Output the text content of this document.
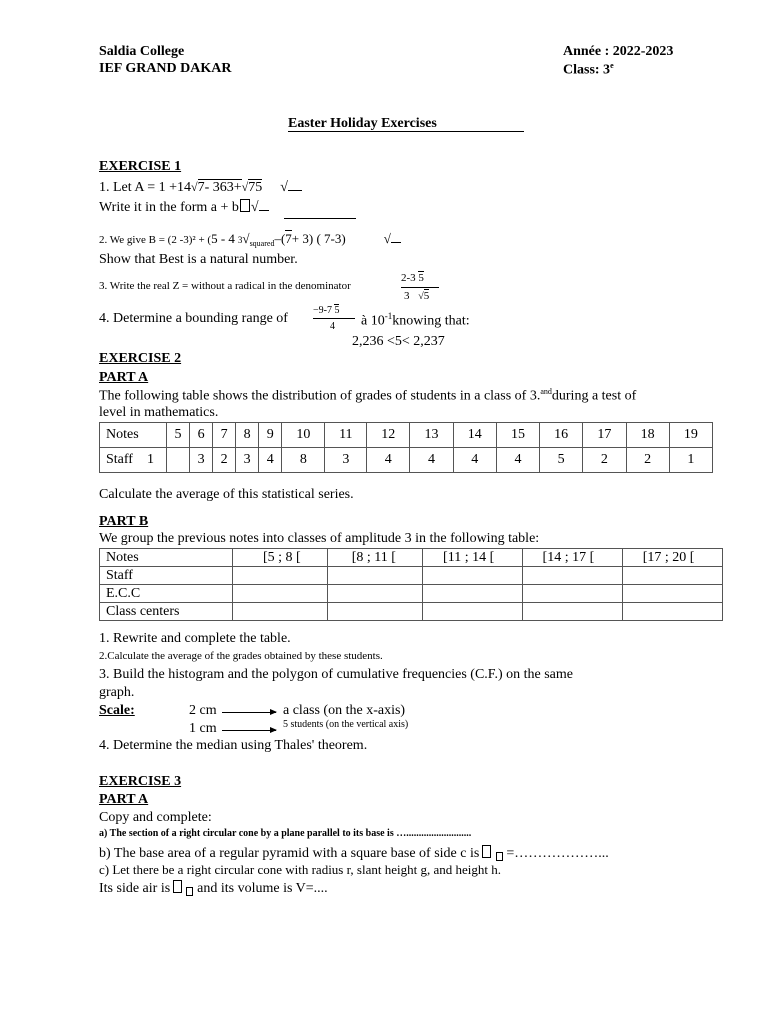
Saldia College
IEF GRAND DAKAR
Année : 2022-2023
Class: 3e
Easter Holiday Exercises
EXERCISE 1
1. Let A = 1 +14√7- 363+√75 √
Write it in the form a + b √
2. We give B = (2 -3)² + (5 - 4 $3√_{squared}-(7+ 3)$ ( 7-3)	√
Show that Best is a natural number.
3. Write the real Z = without a radical in the denominator
2-3 5
3 √5
4. Determine a bounding range of
−9-7 5
4 à $10^{-1}knowing$ that:
2,236 <5< 2,237
EXERCISE 2
PART A
The following table shows the distribution of grades of students in a class of 3.$^{and}$during a test of
level in mathematics.
Notes	5	6	7	8	9	10	11	12	13	14	15	16	17	18	19
Staff    1		3	2	3	4	8	3	4	4	4	4	5	2	2	1
Calculate the average of this statistical series.
PART B
We group the previous notes into classes of amplitude 3 in the following table:
Notes	[5 ; 8 [	[8 ; 11 [	[11 ; 14 [	[14 ; 17 [	[17 ; 20 [
Staff					
E.C.C					
Class centers					
1. Rewrite and complete the table.
2.Calculate the average of the grades obtained by these students.
3. Build the histogram and the polygon of cumulative frequencies (C.F.) on the same
graph.
Scale:	2 cm	a class (on the x-axis)
1 cm	5 students (on the vertical axis)
4. Determine the median using Thales' theorem.
EXERCISE 3
PART A
Copy and complete:
a) The section of a right circular cone by a plane parallel to its base is …..........................
b) The base area of a regular pyramid with a square base of side c is =………………...
c) Let there be a right circular cone with radius r, slant height g, and height h.
Its side air is and its volume is V=....
